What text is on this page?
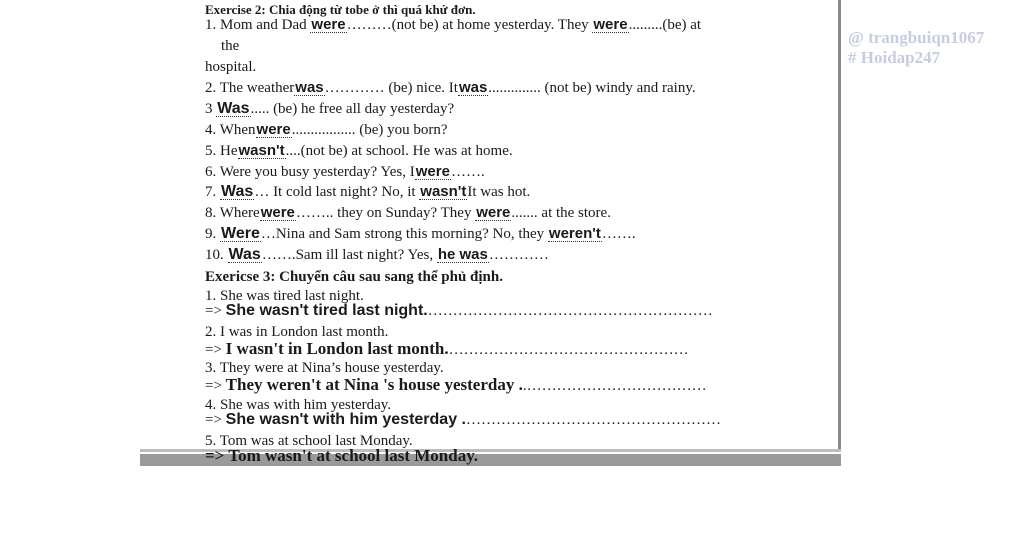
Exercise 2: Chia động từ tobe ở thì quá khứ đơn.
1. Mom and Dad were………(not be) at home yesterday. They were.........(be) at
the
hospital.
2. The weatherwas………… (be) nice. Itwas.............. (not be) windy and rainy.
3 Was..... (be) he free all day yesterday?
4. Whenwere................. (be) you born?
5. Hewasn't....(not be) at school. He was at home.
6. Were you busy yesterday? Yes, Iwere…….
7. Was… It cold last night? No, it wasn'tIt was hot.
8. Wherewere…….. they on Sunday? They were....... at the store.
9. Were…Nina and Sam strong this morning? No, they weren't…….
10. Was…….Sam ill last night? Yes, he was…………
Exericse 3: Chuyển câu sau sang thể phủ định.
1. She was tired last night.
=> She wasn't tired last night.…………………………………………………
2. I was in London last month.
=> I wasn't in London last month.…………………………………………
3. They were at Nina’s house yesterday.
=> They weren't at Nina 's house yesterday ..………………………………
4. She was with him yesterday.
=> She wasn't with him yesterday .……………………………………………
5. Tom was at school last Monday.
=> Tom wasn't at school last Monday.
@ trangbuiqn1067
# Hoidap247
